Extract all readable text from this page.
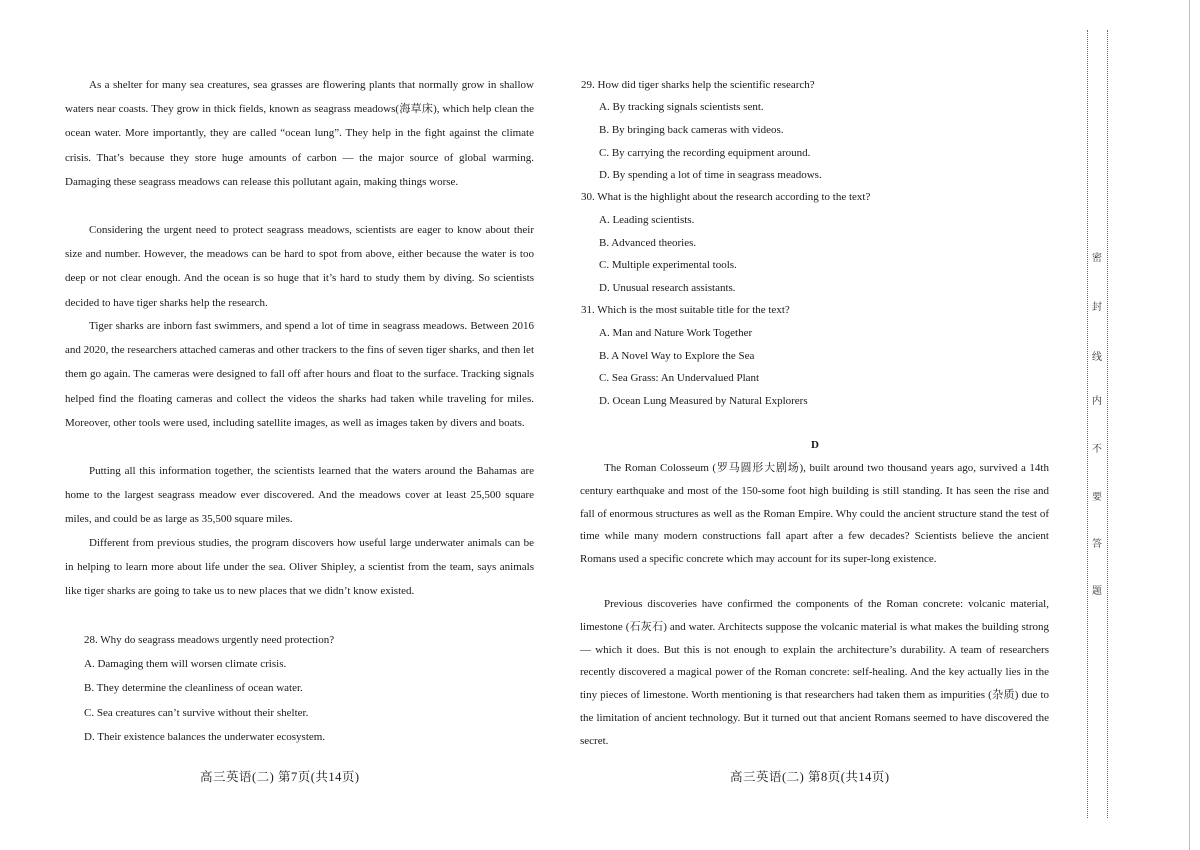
As a shelter for many sea creatures, sea grasses are flowering plants that normally grow in shallow waters near coasts. They grow in thick fields, known as seagrass meadows(海草床), which help clean the ocean water. More importantly, they are called “ocean lung”. They help in the fight against the climate crisis. That’s because they store huge amounts of carbon — the major source of global warming. Damaging these seagrass meadows can release this pollutant again, making things worse.

Considering the urgent need to protect seagrass meadows, scientists are eager to know about their size and number. However, the meadows can be hard to spot from above, either because the water is too deep or not clear enough. And the ocean is so huge that it’s hard to study them by diving. So scientists decided to have tiger sharks help the research.

Tiger sharks are inborn fast swimmers, and spend a lot of time in seagrass meadows. Between 2016 and 2020, the researchers attached cameras and other trackers to the fins of seven tiger sharks, and then let them go again. The cameras were designed to fall off after hours and float to the surface. Tracking signals helped find the floating cameras and collect the videos the sharks had taken while traveling for miles. Moreover, other tools were used, including satellite images, as well as images taken by divers and boats.

Putting all this information together, the scientists learned that the waters around the Bahamas are home to the largest seagrass meadow ever discovered. And the meadows cover at least 25,500 square miles, and could be as large as 35,500 square miles.

Different from previous studies, the program discovers how useful large underwater animals can be in helping to learn more about life under the sea. Oliver Shipley, a scientist from the team, says animals like tiger sharks are going to take us to new places that we didn’t know existed.

28. Why do seagrass meadows urgently need protection?
A. Damaging them will worsen climate crisis.
B. They determine the cleanliness of ocean water.
C. Sea creatures can’t survive without their shelter.
D. Their existence balances the underwater ecosystem.
高三英语(二) 第7页(共14页)
29. How did tiger sharks help the scientific research?
A. By tracking signals scientists sent.
B. By bringing back cameras with videos.
C. By carrying the recording equipment around.
D. By spending a lot of time in seagrass meadows.
30. What is the highlight about the research according to the text?
A. Leading scientists.
B. Advanced theories.
C. Multiple experimental tools.
D. Unusual research assistants.
31. Which is the most suitable title for the text?
A. Man and Nature Work Together
B. A Novel Way to Explore the Sea
C. Sea Grass: An Undervalued Plant
D. Ocean Lung Measured by Natural Explorers
D

The Roman Colosseum (罗马圆形大剧场), built around two thousand years ago, survived a 14th century earthquake and most of the 150-some foot high building is still standing. It has seen the rise and fall of enormous structures as well as the Roman Empire. Why could the ancient structure stand the test of time while many modern constructions fall apart after a few decades? Scientists believe the ancient Romans used a specific concrete which may account for its super-long existence.

Previous discoveries have confirmed the components of the Roman concrete: volcanic material, limestone (石灰石) and water. Architects suppose the volcanic material is what makes the building strong — which it does. But this is not enough to explain the architecture’s durability. A team of researchers recently discovered a magical power of the Roman concrete: self-healing. And the key actually lies in the tiny pieces of limestone. Worth mentioning is that researchers had taken them as impurities (杂质) due to the limitation of ancient technology. But it turned out that ancient Romans seemed to have discovered the secret.

高三英语(二) 第8页(共14页)
密
封
线
内
不
要
答
题
